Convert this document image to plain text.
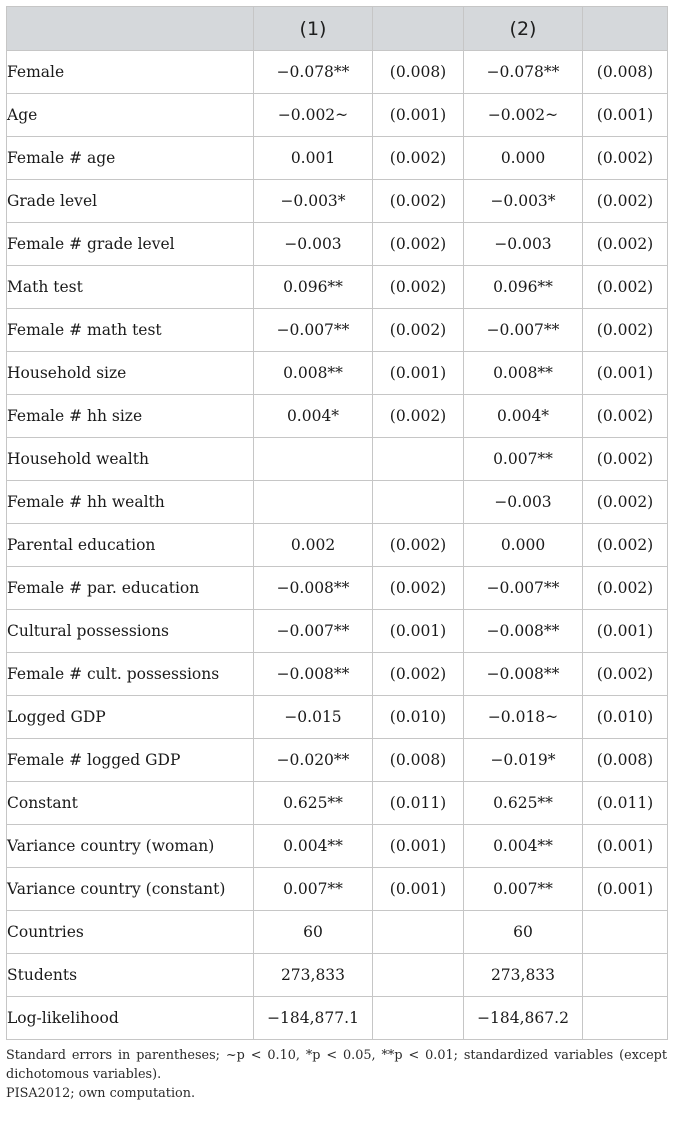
	(1)		(2)	
Female	−0.078**	(0.008)	−0.078**	(0.008)
Age	−0.002~	(0.001)	−0.002~	(0.001)
Female # age	0.001	(0.002)	0.000	(0.002)
Grade level	−0.003*	(0.002)	−0.003*	(0.002)
Female # grade level	−0.003	(0.002)	−0.003	(0.002)
Math test	0.096**	(0.002)	0.096**	(0.002)
Female # math test	−0.007**	(0.002)	−0.007**	(0.002)
Household size	0.008**	(0.001)	0.008**	(0.001)
Female # hh size	0.004*	(0.002)	0.004*	(0.002)
Household wealth			0.007**	(0.002)
Female # hh wealth			−0.003	(0.002)
Parental education	0.002	(0.002)	0.000	(0.002)
Female # par. education	−0.008**	(0.002)	−0.007**	(0.002)
Cultural possessions	−0.007**	(0.001)	−0.008**	(0.001)
Female # cult. possessions	−0.008**	(0.002)	−0.008**	(0.002)
Logged GDP	−0.015	(0.010)	−0.018~	(0.010)
Female # logged GDP	−0.020**	(0.008)	−0.019*	(0.008)
Constant	0.625**	(0.011)	0.625**	(0.011)
Variance country (woman)	0.004**	(0.001)	0.004**	(0.001)
Variance country (constant)	0.007**	(0.001)	0.007**	(0.001)
Countries	60		60	
Students	273,833		273,833	
Log-likelihood	−184,877.1		−184,867.2	

Standard errors in parentheses; ~p < 0.10, *p < 0.05, **p < 0.01; standardized variables (except dichotomous variables).

PISA2012; own computation.
